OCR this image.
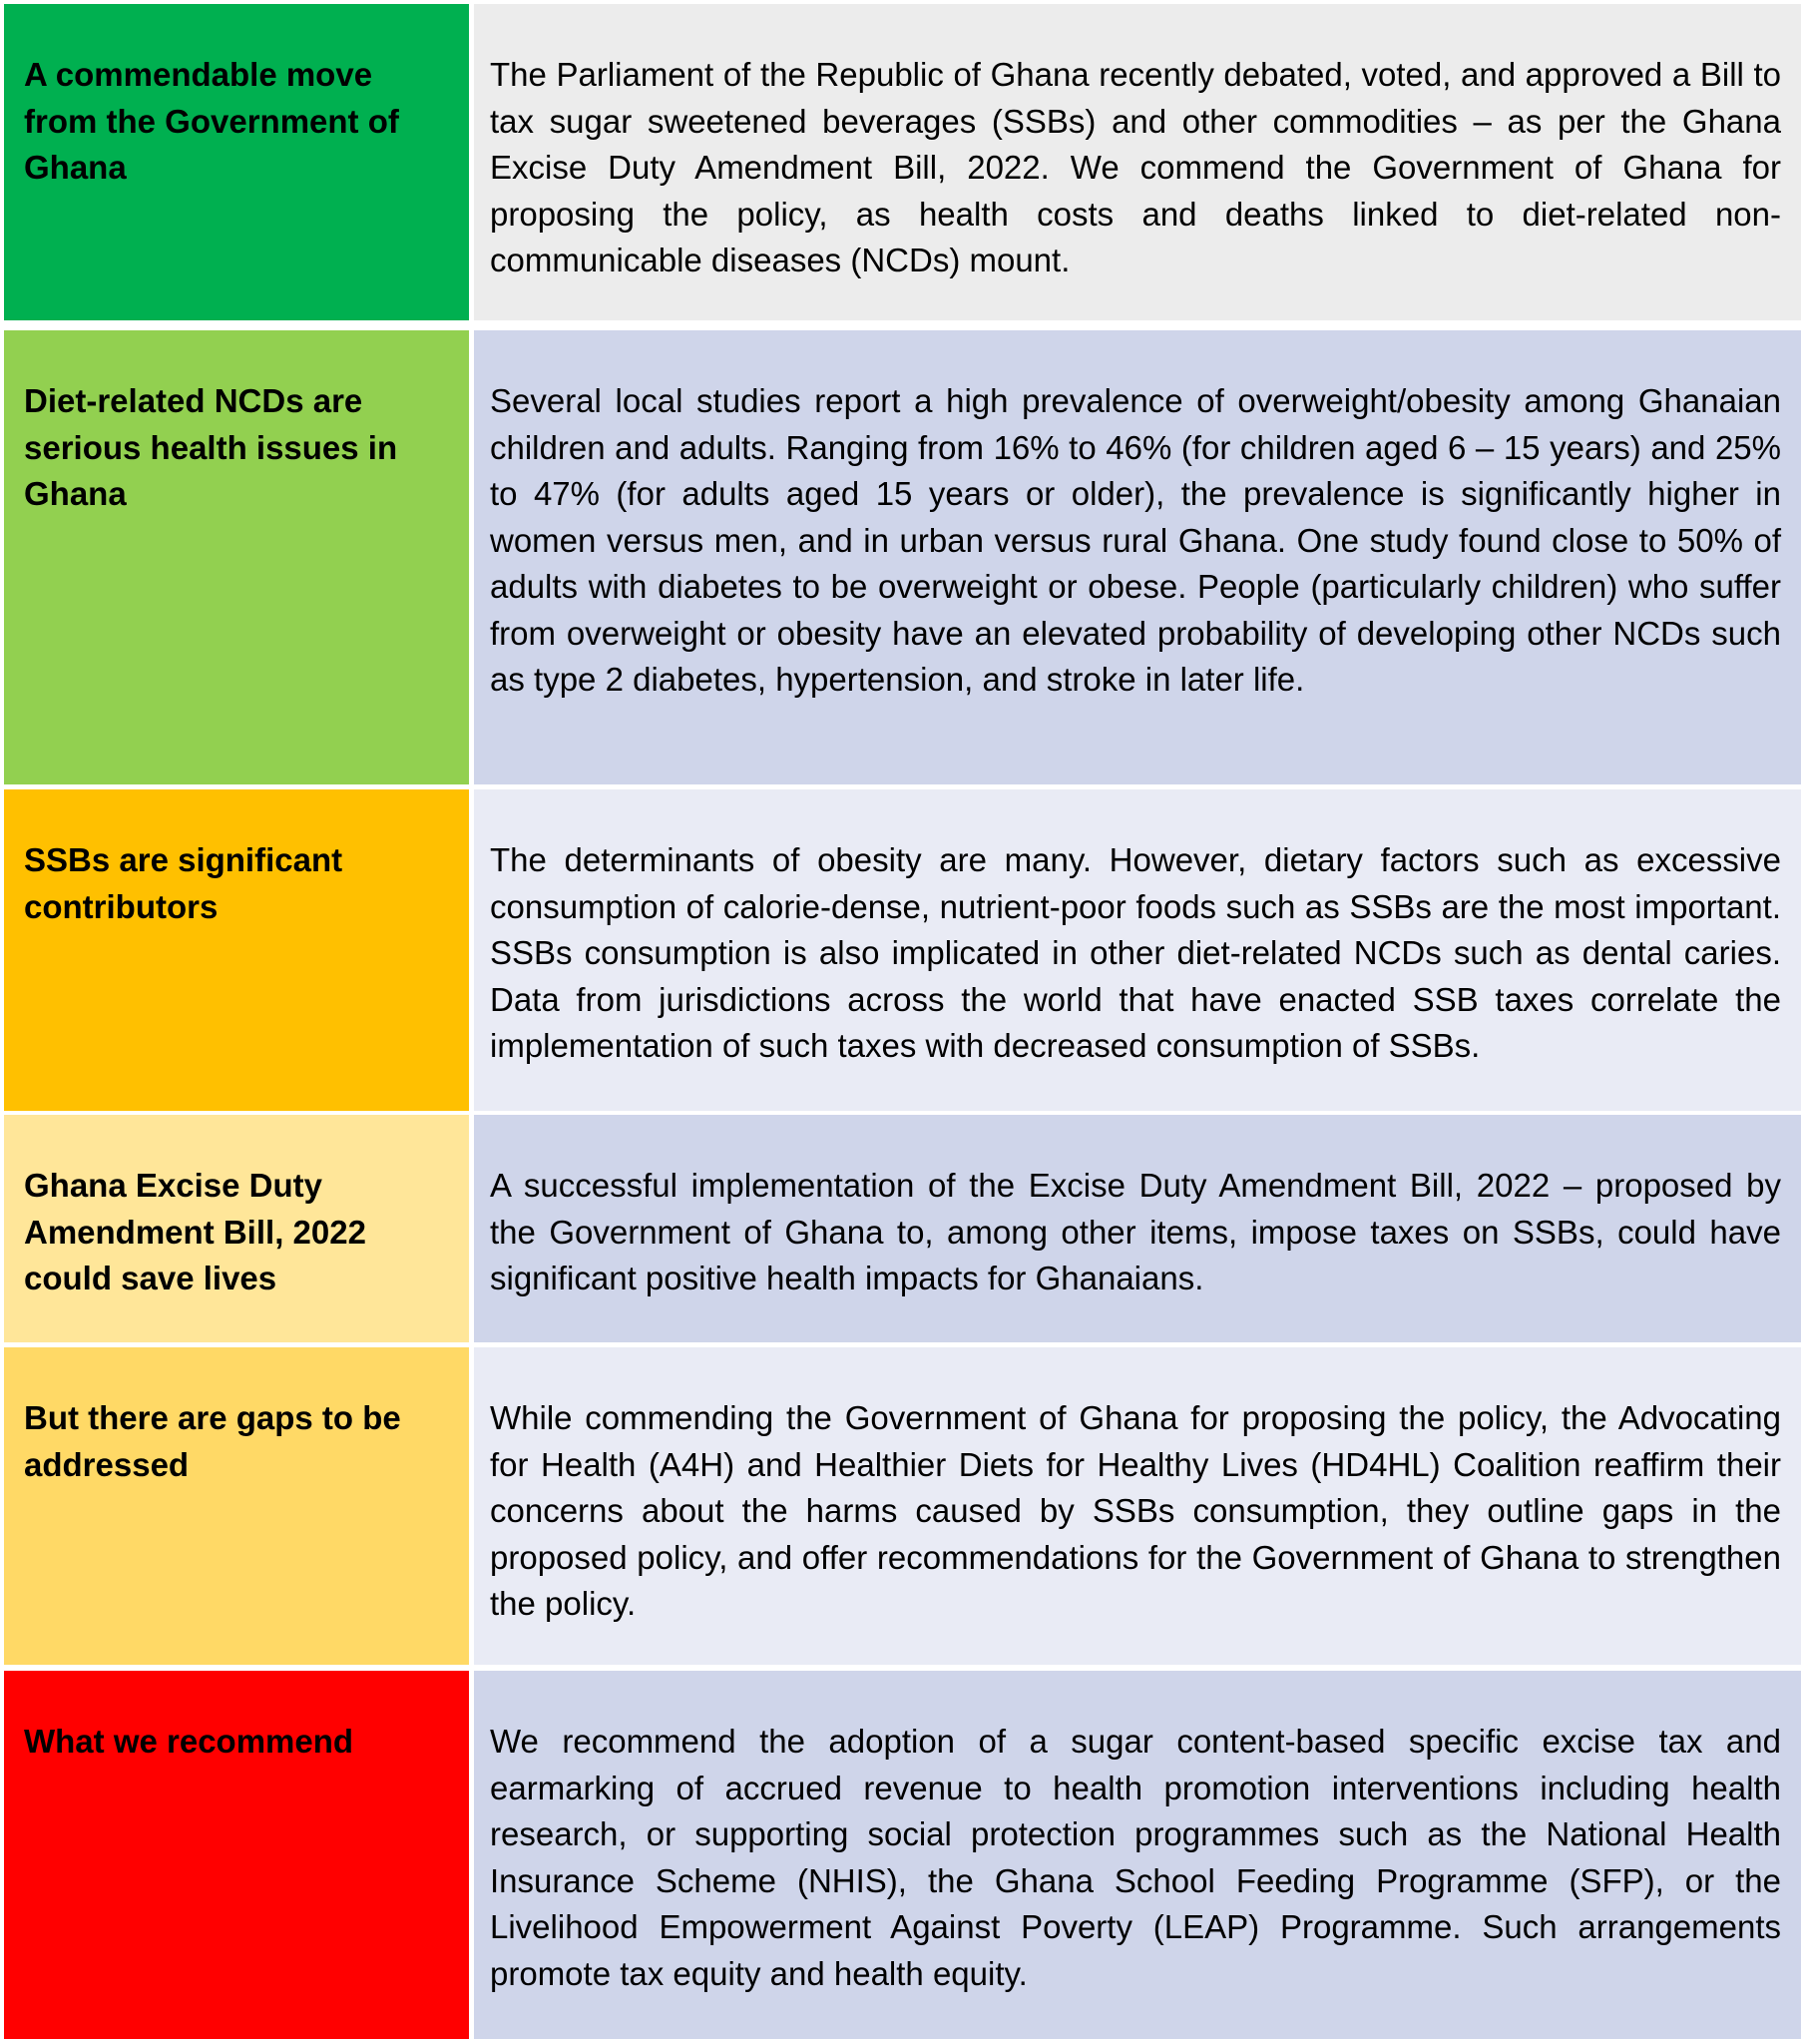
A commendable move from the Government of Ghana

The Parliament of the Republic of Ghana recently debated, voted, and approved a Bill to tax sugar sweetened beverages (SSBs) and other commodities – as per the Ghana Excise Duty Amendment Bill, 2022. We commend the Government of Ghana for proposing the policy, as health costs and deaths linked to diet-related non-communicable diseases (NCDs) mount.

Diet-related NCDs are serious health issues in Ghana

Several local studies report a high prevalence of overweight/obesity among Ghanaian children and adults. Ranging from 16% to 46% (for children aged 6 – 15 years) and 25% to 47% (for adults aged 15 years or older), the prevalence is significantly higher in women versus men, and in urban versus rural Ghana. One study found close to 50% of adults with diabetes to be overweight or obese. People (particularly children) who suffer from overweight or obesity have an elevated probability of developing other NCDs such as type 2 diabetes, hypertension, and stroke in later life.

SSBs are significant contributors

The determinants of obesity are many. However, dietary factors such as excessive consumption of calorie-dense, nutrient-poor foods such as SSBs are the most important. SSBs consumption is also implicated in other diet-related NCDs such as dental caries. Data from jurisdictions across the world that have enacted SSB taxes correlate the implementation of such taxes with decreased consumption of SSBs.

Ghana Excise Duty Amendment Bill, 2022 could save lives

A successful implementation of the Excise Duty Amendment Bill, 2022 – proposed by the Government of Ghana to, among other items, impose taxes on SSBs, could have significant positive health impacts for Ghanaians.

But there are gaps to be addressed

While commending the Government of Ghana for proposing the policy, the Advocating for Health (A4H) and Healthier Diets for Healthy Lives (HD4HL) Coalition reaffirm their concerns about the harms caused by SSBs consumption, they outline gaps in the proposed policy, and offer recommendations for the Government of Ghana to strengthen the policy.

What we recommend	We recommend the adoption of a sugar content-based specific excise tax and earmarking of accrued revenue to health promotion interventions including health research, or supporting social protection programmes such as the National Health Insurance Scheme (NHIS), the Ghana School Feeding Programme (SFP), or the Livelihood Empowerment Against Poverty (LEAP) Programme. Such arrangements promote tax equity and health equity.
